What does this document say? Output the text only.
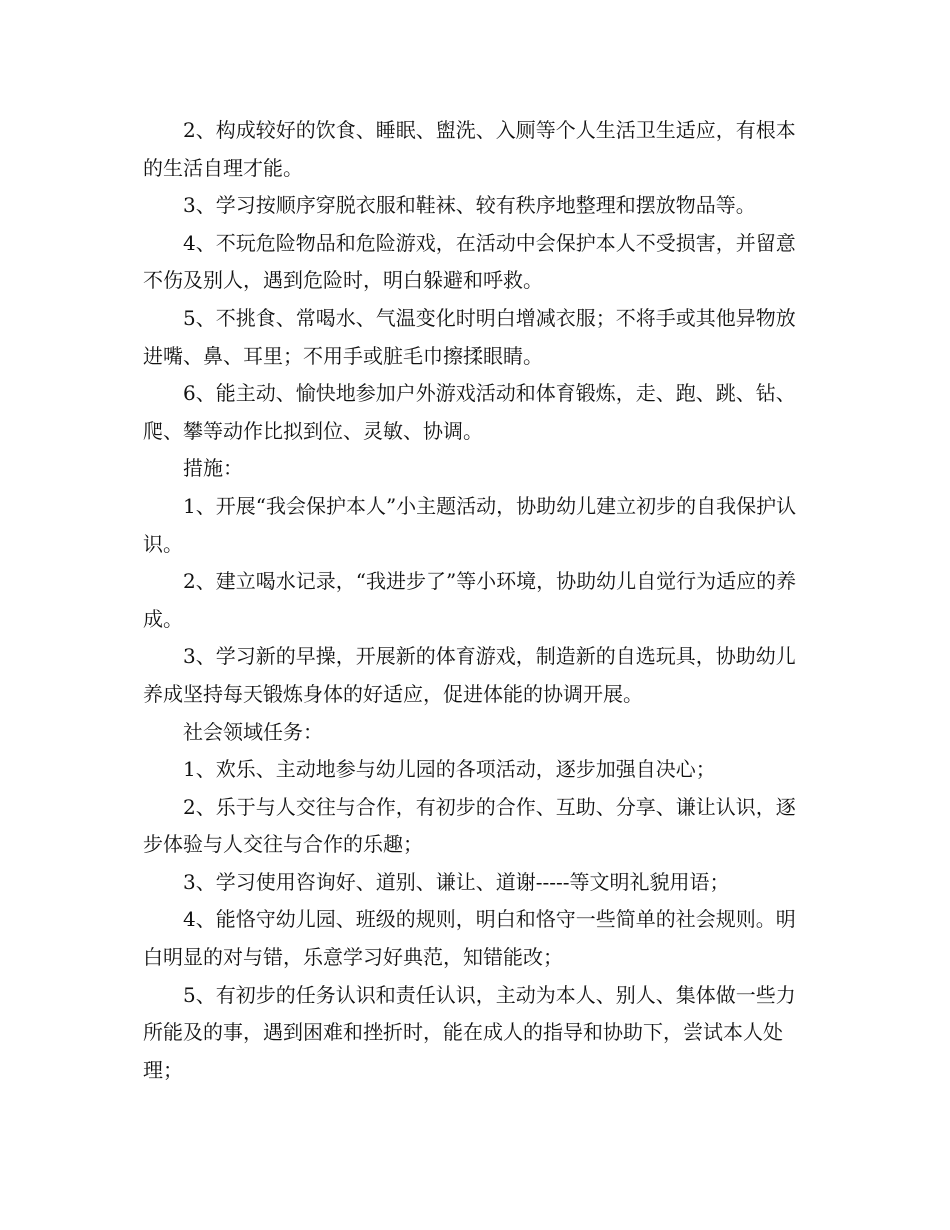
2、构成较好的饮食、睡眠、盥洗、入厕等个人生活卫生适应，有根本的生活自理才能。

3、学习按顺序穿脱衣服和鞋袜、较有秩序地整理和摆放物品等。

4、不玩危险物品和危险游戏，在活动中会保护本人不受损害，并留意不伤及别人，遇到危险时，明白躲避和呼救。

5、不挑食、常喝水、气温变化时明白增减衣服；不将手或其他异物放进嘴、鼻、耳里；不用手或脏毛巾擦揉眼睛。

6、能主动、愉快地参加户外游戏活动和体育锻炼，走、跑、跳、钻、爬、攀等动作比拟到位、灵敏、协调。

措施：

1、开展“我会保护本人”小主题活动，协助幼儿建立初步的自我保护认识。

2、建立喝水记录，“我进步了”等小环境，协助幼儿自觉行为适应的养成。

3、学习新的早操，开展新的体育游戏，制造新的自选玩具，协助幼儿养成坚持每天锻炼身体的好适应，促进体能的协调开展。

社会领域任务：

1、欢乐、主动地参与幼儿园的各项活动，逐步加强自决心；

2、乐于与人交往与合作，有初步的合作、互助、分享、谦让认识，逐步体验与人交往与合作的乐趣；

3、学习使用咨询好、道别、谦让、道谢-----等文明礼貌用语；

4、能恪守幼儿园、班级的规则，明白和恪守一些简单的社会规则。明白明显的对与错，乐意学习好典范，知错能改；

5、有初步的任务认识和责任认识，主动为本人、别人、集体做一些力所能及的事，遇到困难和挫折时，能在成人的指导和协助下，尝试本人处理；
